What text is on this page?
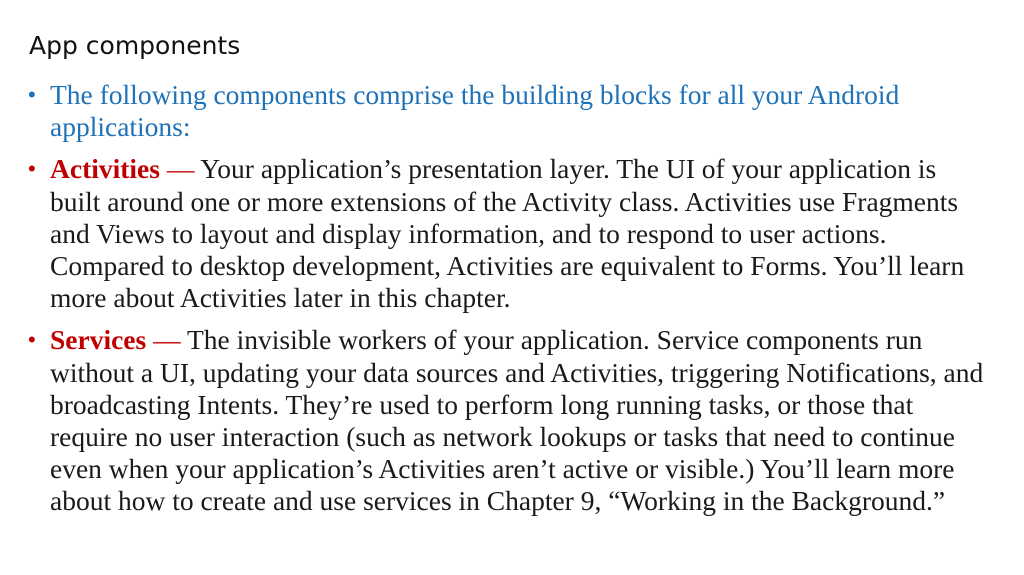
App components
• The following components comprise the building blocks for all your Android applications:
• Activities — Your application’s presentation layer. The UI of your application is built around one or more extensions of the Activity class. Activities use Fragments and Views to layout and display information, and to respond to user actions. Compared to desktop development, Activities are equivalent to Forms. You’ll learn more about Activities later in this chapter.
• Services — The invisible workers of your application. Service components run without a UI, updating your data sources and Activities, triggering Notifications, and broadcasting Intents. They’re used to perform long running tasks, or those that require no user interaction (such as network lookups or tasks that need to continue even when your application’s Activities aren’t active or visible.) You’ll learn more about how to create and use services in Chapter 9, “Working in the Background.”
